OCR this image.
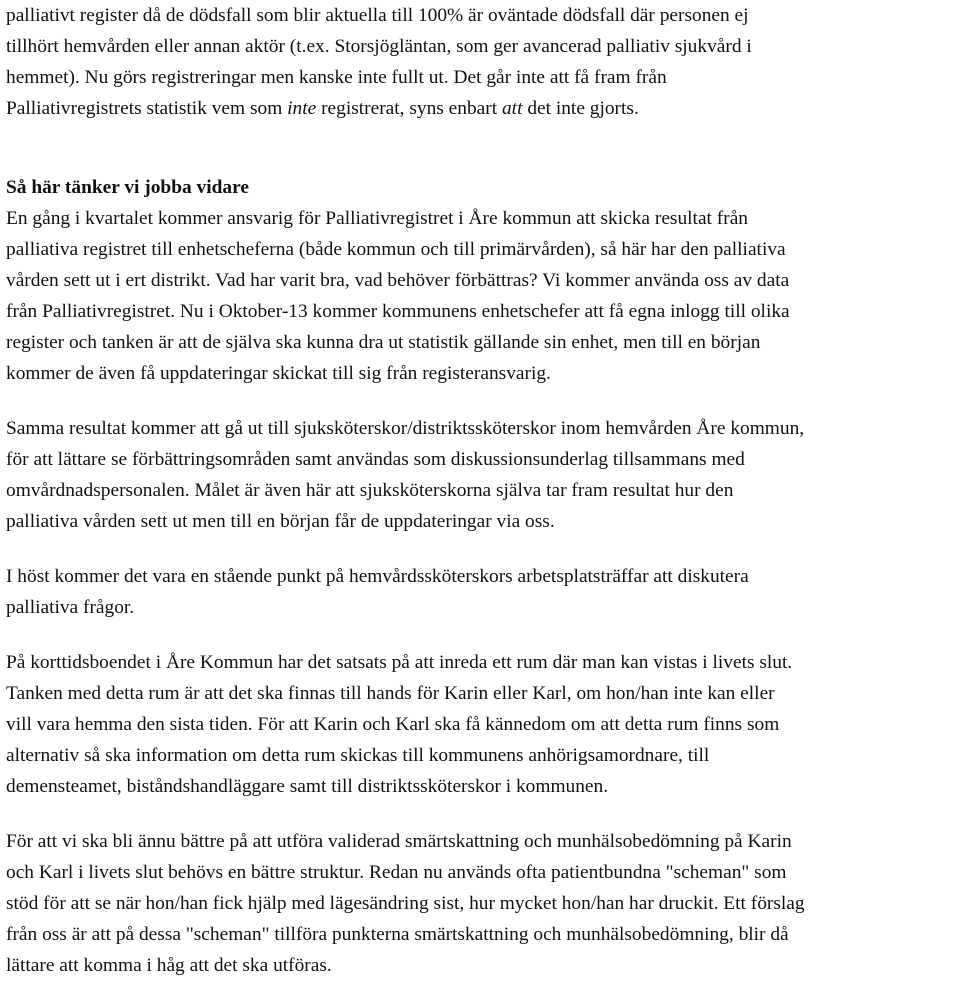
palliativt register då de dödsfall som blir aktuella till 100% är oväntade dödsfall där personen ej
tillhört hemvården eller annan aktör (t.ex. Storsjögläntan, som ger avancerad palliativ sjukvård i
hemmet). Nu görs registreringar men kanske inte fullt ut. Det går inte att få fram från
Palliativregistrets statistik vem som inte registrerat, syns enbart att det inte gjorts.
Så här tänker vi jobba vidare
En gång i kvartalet kommer ansvarig för Palliativregistret i Åre kommun att skicka resultat från
palliativa registret till enhetscheferna (både kommun och till primärvården), så här har den palliativa
vården sett ut i ert distrikt. Vad har varit bra, vad behöver förbättras? Vi kommer använda oss av data
från Palliativregistret. Nu i Oktober-13 kommer kommunens enhetschefer att få egna inlogg till olika
register och tanken är att de själva ska kunna dra ut statistik gällande sin enhet, men till en början
kommer de även få uppdateringar skickat till sig från registeransvarig.
Samma resultat kommer att gå ut till sjuksköterskor/distriktssköterskor inom hemvården Åre kommun,
för att lättare se förbättringsområden samt användas som diskussionsunderlag tillsammans med
omvårdnadspersonalen. Målet är även här att sjuksköterskorna själva tar fram resultat hur den
palliativa vården sett ut men till en början får de uppdateringar via oss.
I höst kommer det vara en stående punkt på hemvårdssköterskors arbetsplatsträffar att diskutera
palliativa frågor.
På korttidsboendet i Åre Kommun har det satsats på att inreda ett rum där man kan vistas i livets slut.
Tanken med detta rum är att det ska finnas till hands för Karin eller Karl, om hon/han inte kan eller
vill vara hemma den sista tiden. För att Karin och Karl ska få kännedom om att detta rum finns som
alternativ så ska information om detta rum skickas till kommunens anhörigsamordnare, till
demensteamet, biståndshandläggare samt till distriktssköterskor i kommunen.
För att vi ska bli ännu bättre på att utföra validerad smärtskattning och munhälsobedömning på Karin
och Karl i livets slut behövs en bättre struktur. Redan nu används ofta patientbundna "scheman" som
stöd för att se när hon/han fick hjälp med lägesändring sist, hur mycket hon/han har druckit. Ett förslag
från oss är att på dessa "scheman" tillföra punkterna smärtskattning och munhälsobedömning, blir då
lättare att komma i håg att det ska utföras.
